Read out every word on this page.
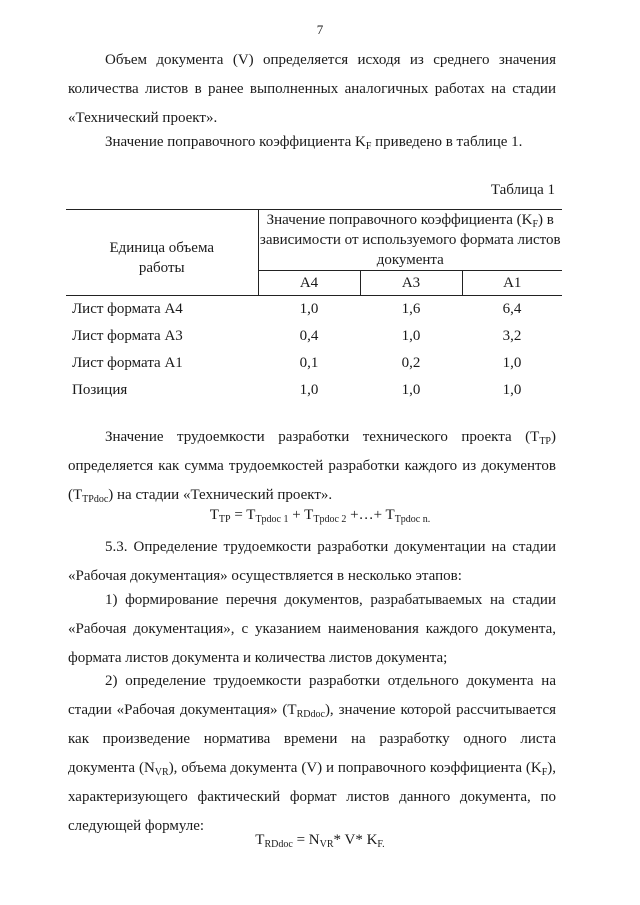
7
Объем документа (V) определяется исходя из среднего значения количества листов в ранее выполненных аналогичных работах на стадии «Технический проект».
Значение поправочного коэффициента $K_F$ приведено в таблице 1.
Таблица 1
Единица объема работы	Значение поправочного коэффициента $(K_F)$ в зависимости от используемого формата листов документа		
	А4	А3	А1
Лист формата А4	1,0	1,6	6,4
Лист формата А3	0,4	1,0	3,2
Лист формата А1	0,1	0,2	1,0
Позиция	1,0	1,0	1,0
Значение трудоемкости разработки технического проекта $(T_{TP})$ определяется как сумма трудоемкостей разработки каждого из документов $(T_{TPdoc})$ на стадии «Технический проект».
$T_{TP} = T_{Tpdoc 1} + T_{Tpdoc 2}$ +…+ $T_{Tpdoc n.}$
5.3. Определение трудоемкости разработки документации на стадии «Рабочая документация» осуществляется в несколько этапов:
1) формирование перечня документов, разрабатываемых на стадии «Рабочая документация», с указанием наименования каждого документа, формата листов документа и количества листов документа;
2) определение трудоемкости разработки отдельного документа на стадии «Рабочая документация» $(T_{RDdoc})$, значение которой рассчитывается как произведение норматива времени на разработку одного листа документа $(N_{VR})$, объема документа (V) и поправочного коэффициента $(K_F)$, характеризующего фактический формат листов данного документа, по следующей формуле:
$T_{RDdoc} = N_{VR}*$ V* $K_{F.}$
